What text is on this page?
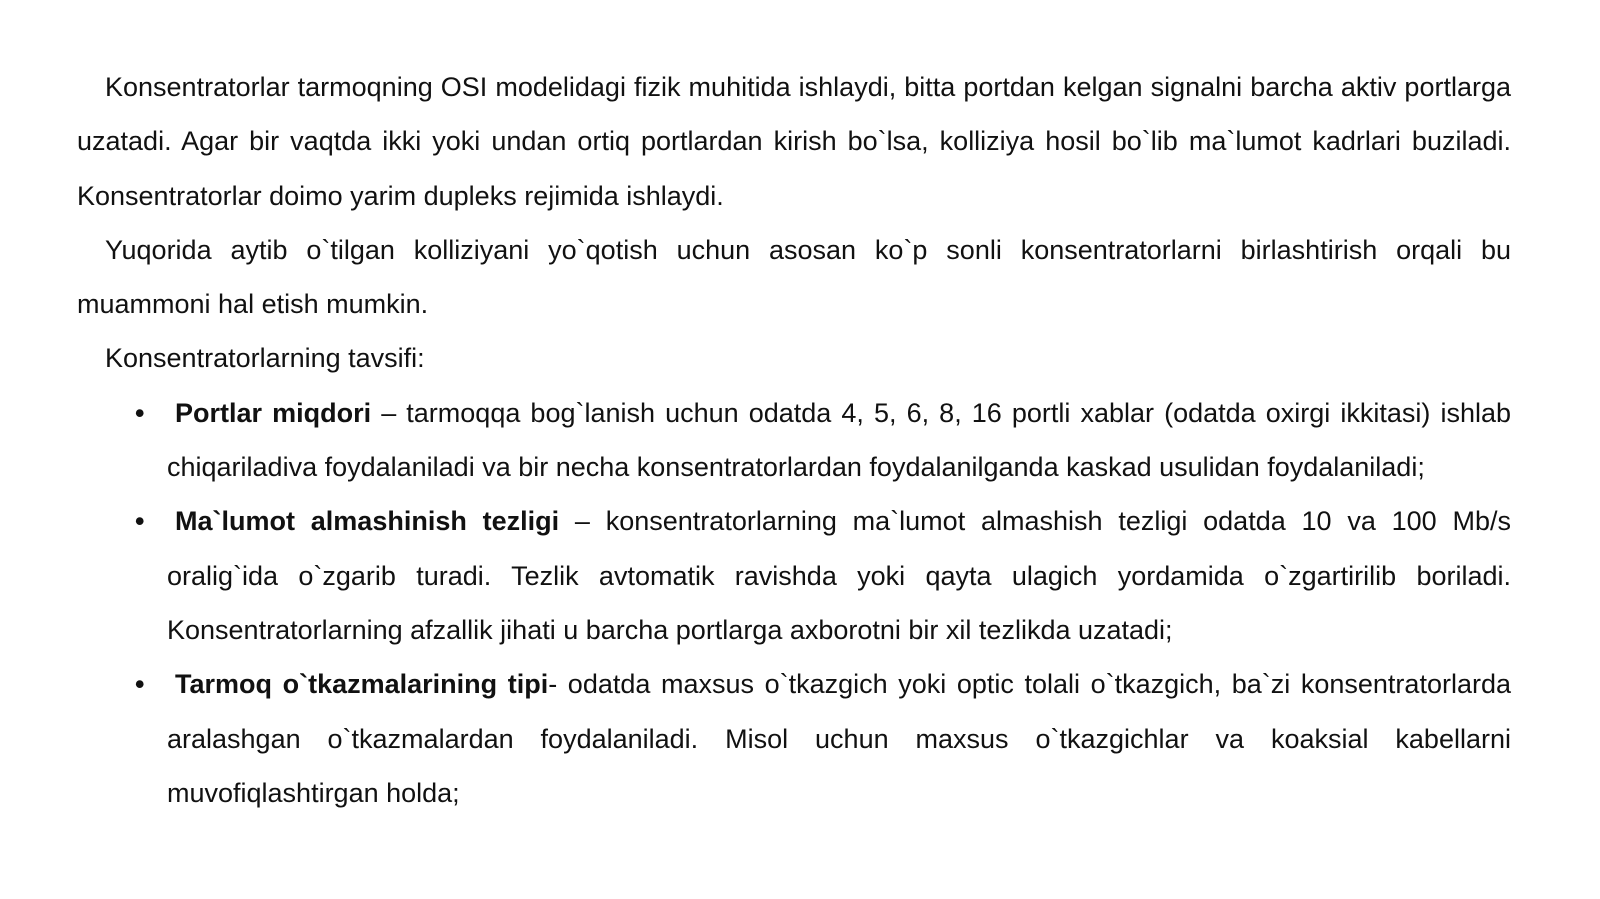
Konsentratorlar tarmoqning OSI modelidagi fizik muhitida ishlaydi, bitta portdan kelgan signalni barcha aktiv portlarga uzatadi. Agar bir vaqtda ikki yoki undan ortiq portlardan kirish bo`lsa, kolliziya hosil bo`lib ma`lumot kadrlari buziladi. Konsentratorlar doimo yarim dupleks rejimida ishlaydi.

Yuqorida aytib o`tilgan kolliziyani yo`qotish uchun asosan ko`p sonli konsentratorlarni birlashtirish orqali bu muammoni hal etish mumkin.

Konsentratorlarning tavsifi:

• Portlar miqdori – tarmoqqa bog`lanish uchun odatda 4, 5, 6, 8, 16 portli xablar (odatda oxirgi ikkitasi) ishlab chiqariladiva foydalaniladi va bir necha konsentratorlardan foydalanilganda kaskad usulidan foydalaniladi;
• Ma`lumot almashinish tezligi – konsentratorlarning ma`lumot almashish tezligi odatda 10 va 100 Mb/s oralig`ida o`zgarib turadi. Tezlik avtomatik ravishda yoki qayta ulagich yordamida o`zgartirilib boriladi. Konsentratorlarning afzallik jihati u barcha portlarga axborotni bir xil tezlikda uzatadi;
• Tarmoq o`tkazmalarining tipi- odatda maxsus o`tkazgich yoki optic tolali o`tkazgich, ba`zi konsentratorlarda aralashgan o`tkazmalardan foydalaniladi. Misol uchun maxsus o`tkazgichlar va koaksial kabellarni muvofiqlashtirgan holda;
